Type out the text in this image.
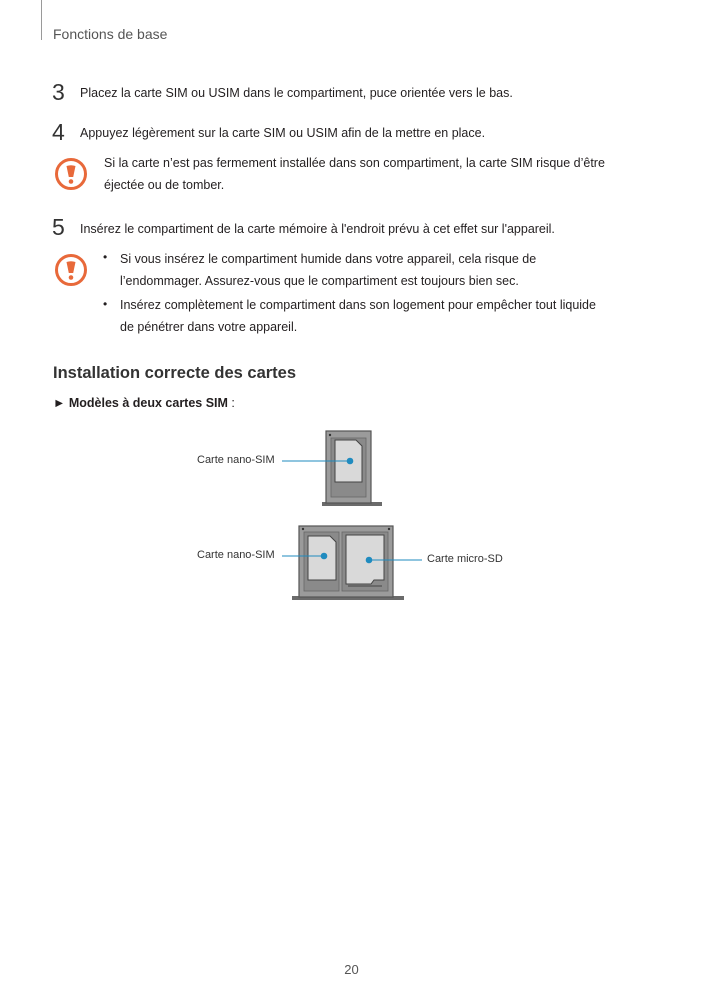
Fonctions de base
3 Placez la carte SIM ou USIM dans le compartiment, puce orientée vers le bas.
4 Appuyez légèrement sur la carte SIM ou USIM afin de la mettre en place.
Si la carte n’est pas fermement installée dans son compartiment, la carte SIM risque d’être
éjectée ou de tomber.
5 Insérez le compartiment de la carte mémoire à l'endroit prévu à cet effet sur l'appareil.
• Si vous insérez le compartiment humide dans votre appareil, cela risque de
l’endommager. Assurez-vous que le compartiment est toujours bien sec.
• Insérez complètement le compartiment dans son logement pour empêcher tout liquide
de pénétrer dans votre appareil.
Installation correcte des cartes
► Modèles à deux cartes SIM :
Carte nano-SIM
Carte nano-SIM	Carte micro-SD
20
